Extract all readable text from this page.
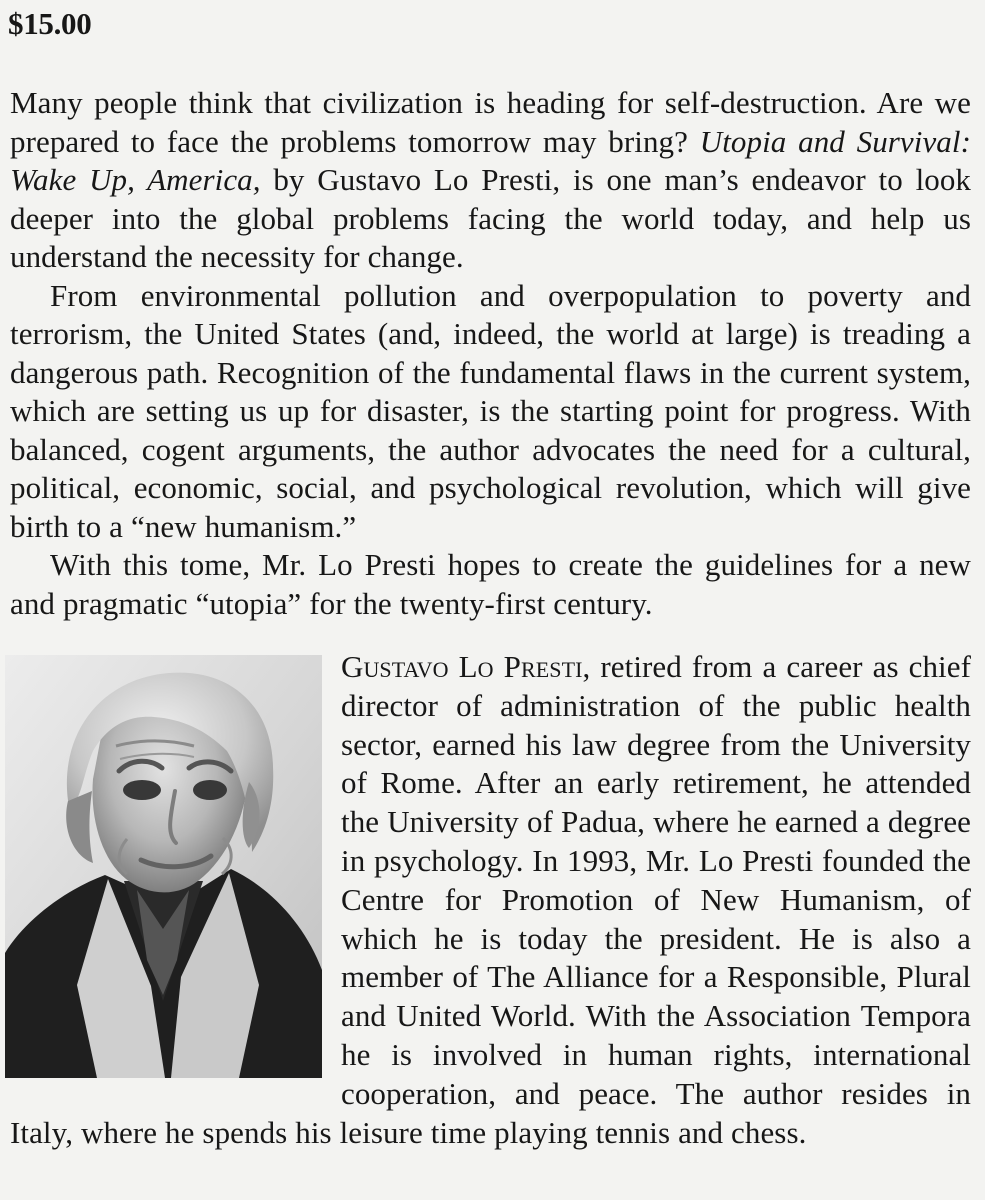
$15.00

Many people think that civilization is heading for self-destruction. Are we prepared to face the problems tomorrow may bring? Utopia and Survival: Wake Up, America, by Gustavo Lo Presti, is one man’s endeavor to look deeper into the global problems facing the world today, and help us understand the necessity for change.

From environmental pollution and overpopulation to poverty and terrorism, the United States (and, indeed, the world at large) is treading a dangerous path. Recognition of the fundamental flaws in the current system, which are setting us up for disaster, is the starting point for progress. With balanced, cogent arguments, the author advocates the need for a cultural, political, economic, social, and psychological revolution, which will give birth to a “new humanism.”

With this tome, Mr. Lo Presti hopes to create the guidelines for a new and pragmatic “utopia” for the twenty-first century.

Gustavo Lo Presti, retired from a career as chief director of administration of the public health sector, earned his law degree from the University of Rome. After an early retirement, he attended the University of Padua, where he earned a degree in psychology. In 1993, Mr. Lo Presti founded the Centre for Promotion of New Humanism, of which he is today the president. He is also a member of The Alliance for a Responsible, Plural and United World. With the Association Tempora he is involved in human rights, international cooperation, and peace. The author resides in Italy, where he spends his leisure time playing tennis and chess.
